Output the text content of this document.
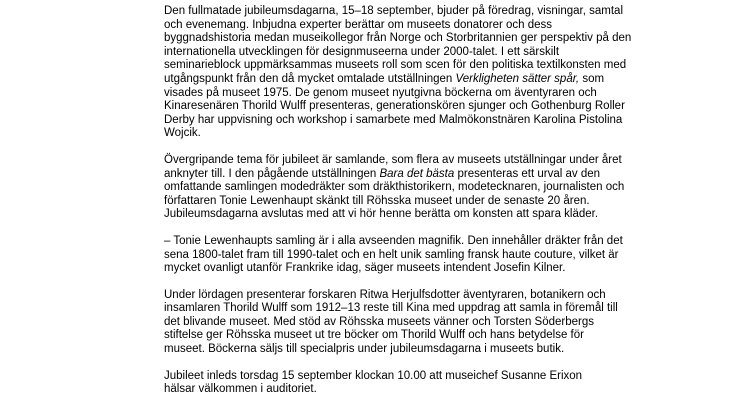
Den fullmatade jubileumsdagarna, 15–18 september, bjuder på föredrag, visningar, samtal
och evenemang. Inbjudna experter berättar om museets donatorer och dess
byggnadshistoria medan museikollegor från Norge och Storbritannien ger perspektiv på den
internationella utvecklingen för designmuseerna under 2000-talet. I ett särskilt
seminarieblock uppmärksammas museets roll som scen för den politiska textilkonsten med
utgångspunkt från den då mycket omtalade utställningen Verkligheten sätter spår, som
visades på museet 1975. De genom museet nyutgivna böckerna om äventyraren och
Kinaresenären Thorild Wulff presenteras, generationskören sjunger och Gothenburg Roller
Derby har uppvisning och workshop i samarbete med Malmökonstnären Karolina Pistolina
Wojcik.

Övergripande tema för jubileet är samlande, som flera av museets utställningar under året
anknyter till. I den pågående utställningen Bara det bästa presenteras ett urval av den
omfattande samlingen modedräkter som dräkthistorikern, modetecknaren, journalisten och
författaren Tonie Lewenhaupt skänkt till Röhsska museet under de senaste 20 åren.
Jubileumsdagarna avslutas med att vi hör henne berätta om konsten att spara kläder.

– Tonie Lewenhaupts samling är i alla avseenden magnifik. Den innehåller dräkter från det
sena 1800-talet fram till 1990-talet och en helt unik samling fransk haute couture, vilket är
mycket ovanligt utanför Frankrike idag, säger museets intendent Josefin Kilner.

Under lördagen presenterar forskaren Ritwa Herjulfsdotter äventyraren, botanikern och
insamlaren Thorild Wulff som 1912–13 reste till Kina med uppdrag att samla in föremål till
det blivande museet. Med stöd av Röhsska museets vänner och Torsten Söderbergs
stiftelse ger Röhsska museet ut tre böcker om Thorild Wulff och hans betydelse för
museet. Böckerna säljs till specialpris under jubileumsdagarna i museets butik.

Jubileet inleds torsdag 15 september klockan 10.00 att museichef Susanne Erixon
hälsar välkommen i auditoriet.
